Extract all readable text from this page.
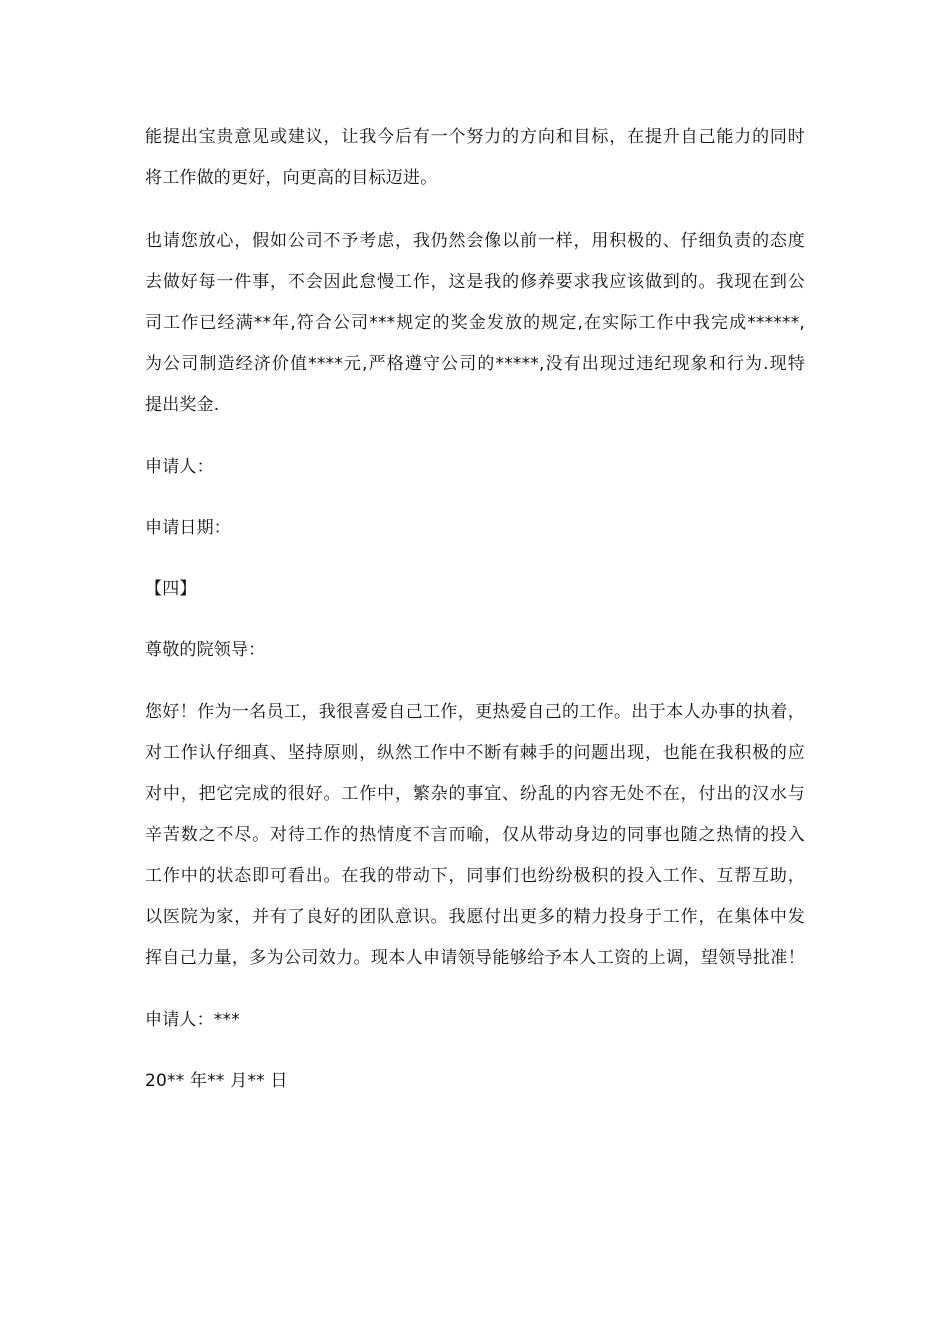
能提出宝贵意见或建议，让我今后有一个努力的方向和目标，在提升自己能力的同时
将工作做的更好，向更高的目标迈进。
也请您放心，假如公司不予考虑，我仍然会像以前一样，用积极的、仔细负责的态度
去做好每一件事，不会因此怠慢工作，这是我的修养要求我应该做到的。我现在到公
司工作已经满**年,符合公司***规定的奖金发放的规定,在实际工作中我完成******,
为公司制造经济价值****元,严格遵守公司的*****,没有出现过违纪现象和行为.现特
提出奖金.
申请人：
申请日期：
【四】
尊敬的院领导：
您好！作为一名员工，我很喜爱自己工作，更热爱自己的工作。出于本人办事的执着，
对工作认仔细真、坚持原则，纵然工作中不断有棘手的问题出现，也能在我积极的应
对中，把它完成的很好。工作中，繁杂的事宜、纷乱的内容无处不在，付出的汉水与
辛苦数之不尽。对待工作的热情度不言而喻，仅从带动身边的同事也随之热情的投入
工作中的状态即可看出。在我的带动下，同事们也纷纷极积的投入工作、互帮互助，
以医院为家，并有了良好的团队意识。我愿付出更多的精力投身于工作，在集体中发
挥自己力量，多为公司效力。现本人申请领导能够给予本人工资的上调，望领导批准！
申请人：***
20** 年** 月** 日
